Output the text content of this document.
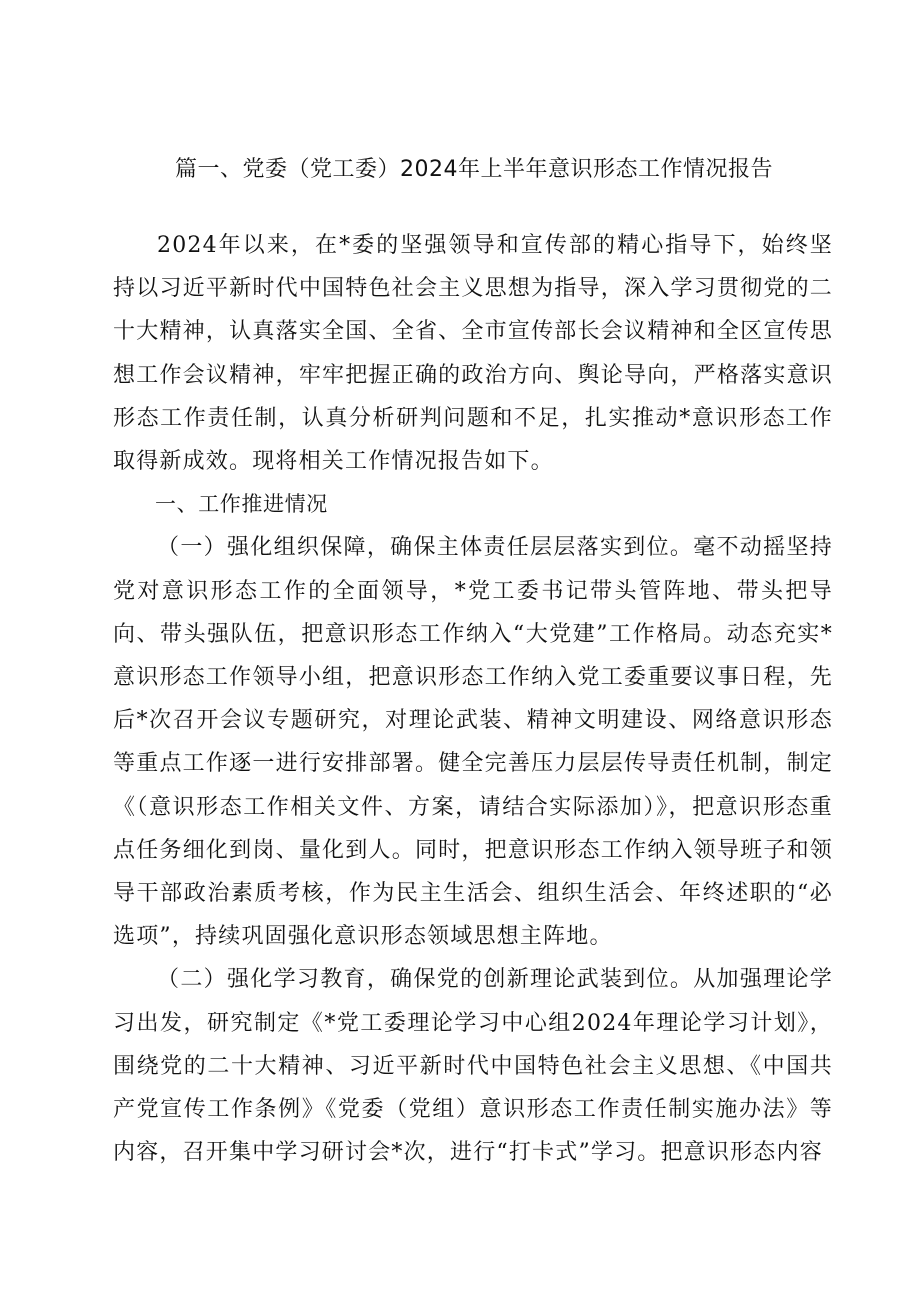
篇一、党委（党工委）2024年上半年意识形态工作情况报告

2024年以来，在*委的坚强领导和宣传部的精心指导下，始终坚持以习近平新时代中国特色社会主义思想为指导，深入学习贯彻党的二十大精神，认真落实全国、全省、全市宣传部长会议精神和全区宣传思想工作会议精神，牢牢把握正确的政治方向、舆论导向，严格落实意识形态工作责任制，认真分析研判问题和不足，扎实推动*意识形态工作取得新成效。现将相关工作情况报告如下。

一、工作推进情况

（一）强化组织保障，确保主体责任层层落实到位。毫不动摇坚持党对意识形态工作的全面领导，*党工委书记带头管阵地、带头把导向、带头强队伍，把意识形态工作纳入“大党建”工作格局。动态充实*意识形态工作领导小组，把意识形态工作纳入党工委重要议事日程，先后*次召开会议专题研究，对理论武装、精神文明建设、网络意识形态等重点工作逐一进行安排部署。健全完善压力层层传导责任机制，制定《（意识形态工作相关文件、方案，请结合实际添加）》，把意识形态重点任务细化到岗、量化到人。同时，把意识形态工作纳入领导班子和领导干部政治素质考核，作为民主生活会、组织生活会、年终述职的“必选项”，持续巩固强化意识形态领域思想主阵地。

（二）强化学习教育，确保党的创新理论武装到位。从加强理论学习出发，研究制定《*党工委理论学习中心组2024年理论学习计划》，围绕党的二十大精神、习近平新时代中国特色社会主义思想、《中国共产党宣传工作条例》《党委（党组）意识形态工作责任制实施办法》等内容，召开集中学习研讨会*次，进行“打卡式”学习。把意识形态内容
